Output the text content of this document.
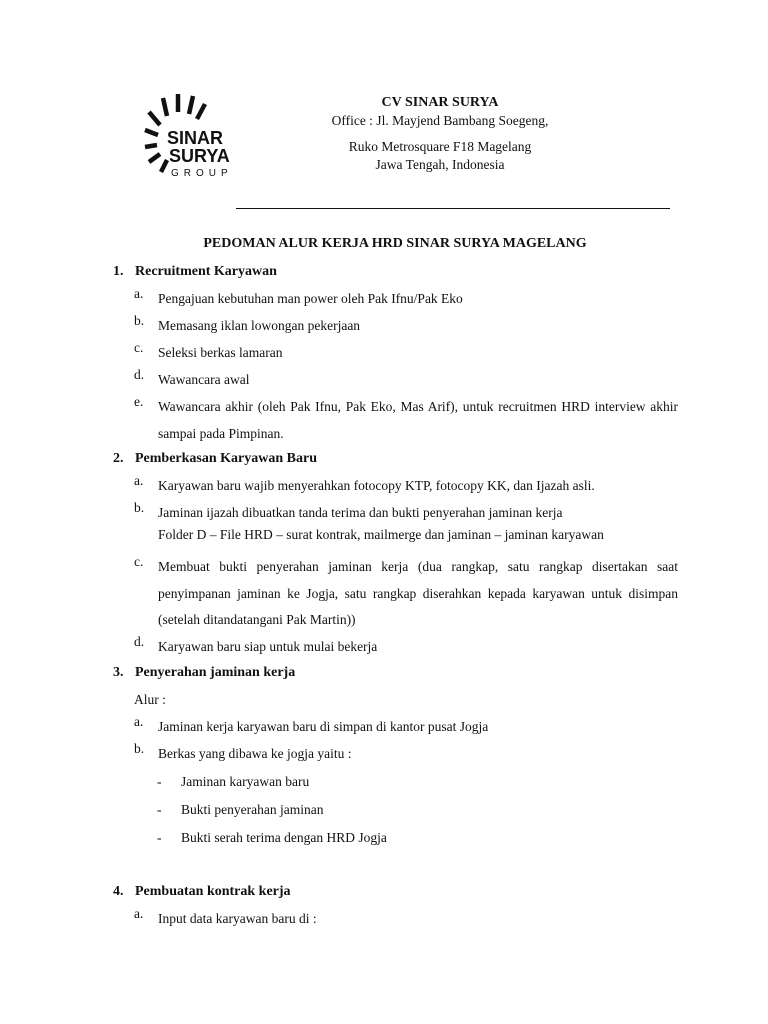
SINAR
SURYA
GROUP
CV SINAR SURYA
Office : Jl. Mayjend Bambang Soegeng,
Ruko Metrosquare F18 Magelang
Jawa Tengah, Indonesia
PEDOMAN ALUR KERJA HRD SINAR SURYA MAGELANG
1. Recruitment Karyawan
a.	Pengajuan kebutuhan man power oleh Pak Ifnu/Pak Eko
b.	Memasang iklan lowongan pekerjaan
c.	Seleksi berkas lamaran
d.	Wawancara awal
e.	Wawancara akhir (oleh Pak Ifnu, Pak Eko, Mas Arif), untuk recruitmen HRD interview akhir sampai pada Pimpinan.
2. Pemberkasan Karyawan Baru
a.	Karyawan baru wajib menyerahkan fotocopy KTP, fotocopy KK, dan Ijazah asli.
b.	Jaminan ijazah dibuatkan tanda terima dan bukti penyerahan jaminan kerja
Folder D – File HRD – surat kontrak, mailmerge dan jaminan – jaminan karyawan
c.	Membuat bukti penyerahan jaminan kerja (dua rangkap, satu rangkap disertakan saat penyimpanan jaminan ke Jogja, satu rangkap diserahkan kepada karyawan untuk disimpan (setelah ditandatangani Pak Martin))
d.	Karyawan baru siap untuk mulai bekerja
3. Penyerahan jaminan kerja
Alur :
a.	Jaminan kerja karyawan baru di simpan di kantor pusat Jogja
b.	Berkas yang dibawa ke jogja yaitu :
- Jaminan karyawan baru
- Bukti penyerahan jaminan
- Bukti serah terima dengan HRD Jogja
4. Pembuatan kontrak kerja
a.	Input data karyawan baru di :
